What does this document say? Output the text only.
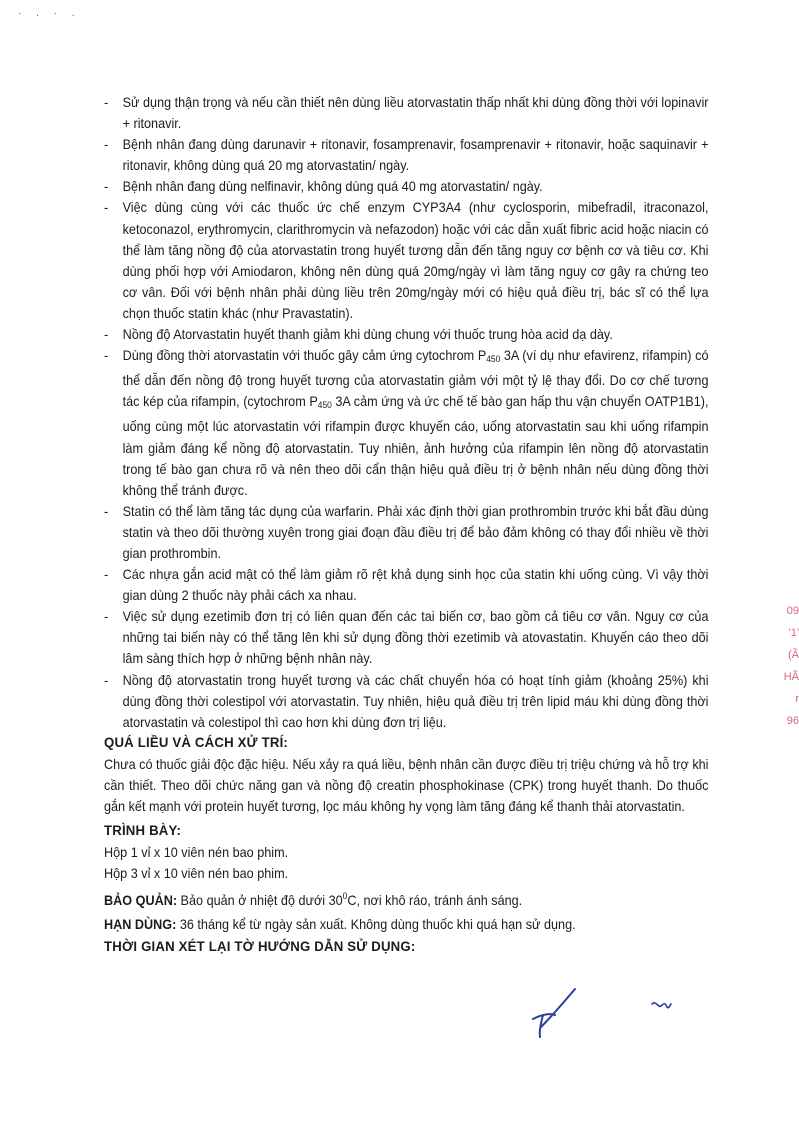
· . · .
- Sử dụng thận trọng và nếu cần thiết nên dùng liều atorvastatin thấp nhất khi dùng đồng thời với lopinavir + ritonavir.
- Bệnh nhân đang dùng darunavir + ritonavir, fosamprenavir, fosamprenavir + ritonavir, hoặc saquinavir + ritonavir, không dùng quá 20 mg atorvastatin/ ngày.
- Bệnh nhân đang dùng nelfinavir, không dùng quá 40 mg atorvastatin/ ngày.
- Việc dùng cùng với các thuốc ức chế enzym CYP3A4 (như cyclosporin, mibefradil, itraconazol, ketoconazol, erythromycin, clarithromycin và nefazodon) hoặc với các dẫn xuất fibric acid hoặc niacin có thể làm tăng nồng độ của atorvastatin trong huyết tương dẫn đến tăng nguy cơ bệnh cơ và tiêu cơ. Khi dùng phối hợp với Amiodaron, không nên dùng quá 20mg/ngày vì làm tăng nguy cơ gây ra chứng teo cơ vân. Đối với bệnh nhân phải dùng liều trên 20mg/ngày mới có hiệu quả điều trị, bác sĩ có thể lựa chọn thuốc statin khác (như Pravastatin).
- Nồng độ Atorvastatin huyết thanh giảm khi dùng chung với thuốc trung hòa acid dạ dày.
- Dùng đồng thời atorvastatin với thuốc gây cảm ứng cytochrom $P_{450}$ 3A (ví dụ như efavirenz, rifampin) có thể dẫn đến nồng độ trong huyết tương của atorvastatin giảm với một tỷ lệ thay đổi. Do cơ chế tương tác kép của rifampin, (cytochrom $P_{450}$ 3A cảm ứng và ức chế tế bào gan hấp thu vận chuyển OATP1B1), uống cùng một lúc atorvastatin với rifampin được khuyến cáo, uống atorvastatin sau khi uống rifampin làm giảm đáng kể nồng độ atorvastatin. Tuy nhiên, ảnh hưởng của rifampin lên nồng độ atorvastatin trong tế bào gan chưa rõ và nên theo dõi cẩn thận hiệu quả điều trị ở bệnh nhân nếu dùng đồng thời không thể tránh được.
- Statin có thể làm tăng tác dụng của warfarin. Phải xác định thời gian prothrombin trước khi bắt đầu dùng statin và theo dõi thường xuyên trong giai đoạn đầu điều trị để bảo đảm không có thay đổi nhiều về thời gian prothrombin.
- Các nhựa gắn acid mật có thể làm giảm rõ rệt khả dụng sinh học của statin khi uống cùng. Vì vậy thời gian dùng 2 thuốc này phải cách xa nhau.
- Việc sử dụng ezetimib đơn trị có liên quan đến các tai biến cơ, bao gồm cả tiêu cơ vân. Nguy cơ của những tai biến này có thể tăng lên khi sử dụng đồng thời ezetimib và atovastatin. Khuyến cáo theo dõi lâm sàng thích hợp ở những bệnh nhân này.
- Nồng độ atorvastatin trong huyết tương và các chất chuyển hóa có hoạt tính giảm (khoảng 25%) khi dùng đồng thời colestipol với atorvastatin. Tuy nhiên, hiệu quả điều trị trên lipid máu khi dùng đồng thời atorvastatin và colestipol thì cao hơn khi dùng đơn trị liệu.
QUÁ LIỀU VÀ CÁCH XỬ TRÍ:
Chưa có thuốc giải độc đặc hiệu. Nếu xảy ra quá liều, bệnh nhân cần được điều trị triệu chứng và hỗ trợ khi cần thiết. Theo dõi chức năng gan và nồng độ creatin phosphokinase (CPK) trong huyết thanh. Do thuốc gắn kết mạnh với protein huyết tương, lọc máu không hy vọng làm tăng đáng kể thanh thải atorvastatin.
TRÌNH BÀY:
Hộp 1 vỉ x 10 viên nén bao phim.
Hộp 3 vỉ x 10 viên nén bao phim.
BẢO QUẢN: Bảo quản ở nhiệt độ dưới $30^0C$, nơi khô ráo, tránh ánh sáng.
HẠN DÙNG: 36 tháng kể từ ngày sản xuất. Không dùng thuốc khi quá hạn sử dụng.
THỜI GIAN XÉT LẠI TỜ HƯỚNG DẪN SỬ DỤNG:
09
'1'
(Ã
HÃ
r
96
